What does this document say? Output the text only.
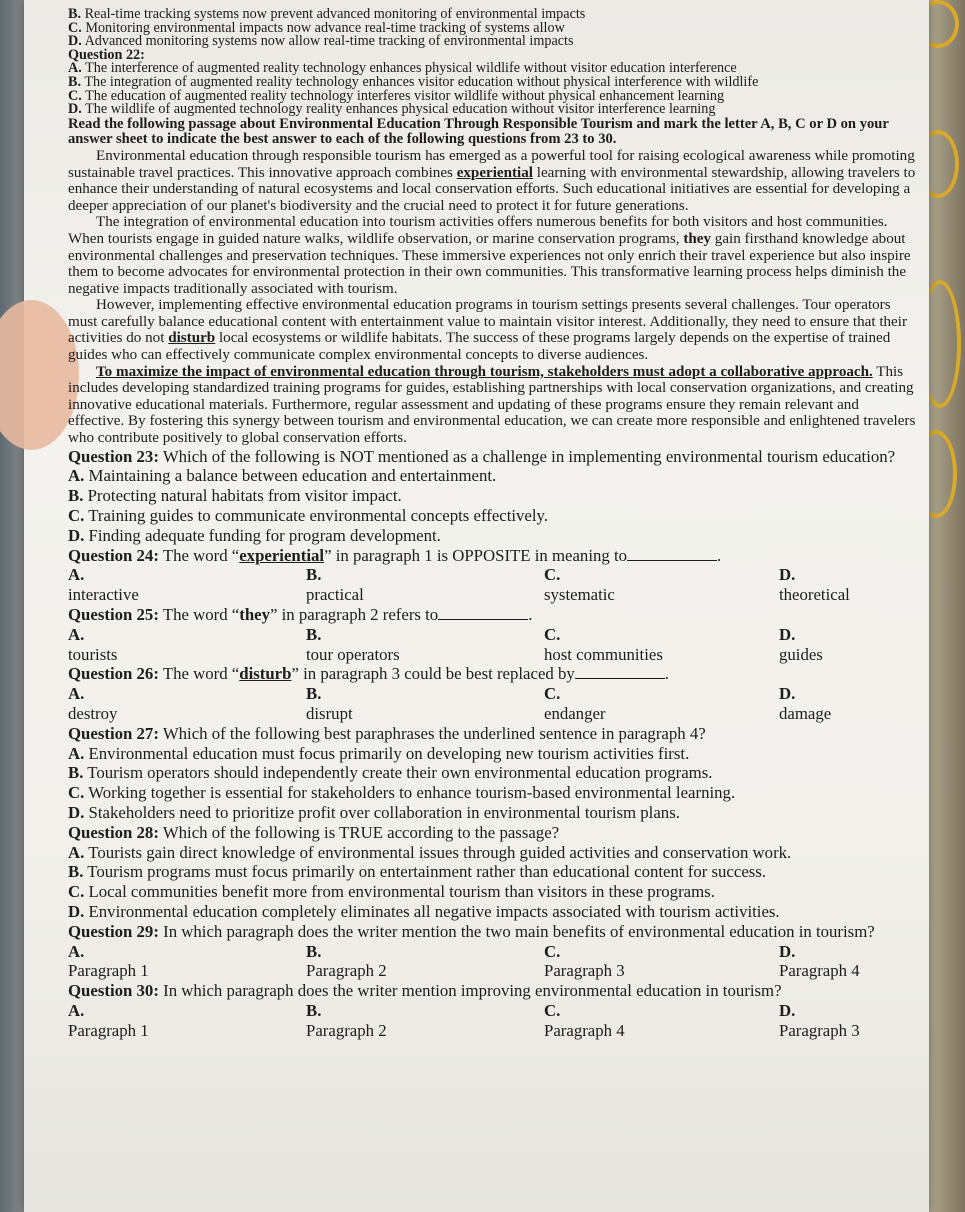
B. Real-time tracking systems now prevent advanced monitoring of environmental impacts

C. Monitoring environmental impacts now advance real-time tracking of systems allow

D. Advanced monitoring systems now allow real-time tracking of environmental impacts

Question 22:

A. The interference of augmented reality technology enhances physical wildlife without visitor education interference

B. The integration of augmented reality technology enhances visitor education without physical interference with wildlife

C. The education of augmented reality technology interferes visitor wildlife without physical enhancement learning

D. The wildlife of augmented technology reality enhances physical education without visitor interference learning

Read the following passage about Environmental Education Through Responsible Tourism and mark the letter A, B, C or D on your answer sheet to indicate the best answer to each of the following questions from 23 to 30.

Environmental education through responsible tourism has emerged as a powerful tool for raising ecological awareness while promoting sustainable travel practices. This innovative approach combines experiential learning with environmental stewardship, allowing travelers to enhance their understanding of natural ecosystems and local conservation efforts. Such educational initiatives are essential for developing a deeper appreciation of our planet's biodiversity and the crucial need to protect it for future generations.

The integration of environmental education into tourism activities offers numerous benefits for both visitors and host communities. When tourists engage in guided nature walks, wildlife observation, or marine conservation programs, they gain firsthand knowledge about environmental challenges and preservation techniques. These immersive experiences not only enrich their travel experience but also inspire them to become advocates for environmental protection in their own communities. This transformative learning process helps diminish the negative impacts traditionally associated with tourism.

However, implementing effective environmental education programs in tourism settings presents several challenges. Tour operators must carefully balance educational content with entertainment value to maintain visitor interest. Additionally, they need to ensure that their activities do not disturb local ecosystems or wildlife habitats. The success of these programs largely depends on the expertise of trained guides who can effectively communicate complex environmental concepts to diverse audiences.

To maximize the impact of environmental education through tourism, stakeholders must adopt a collaborative approach. This includes developing standardized training programs for guides, establishing partnerships with local conservation organizations, and creating innovative educational materials. Furthermore, regular assessment and updating of these programs ensure they remain relevant and effective. By fostering this synergy between tourism and environmental education, we can create more responsible and enlightened travelers who contribute positively to global conservation efforts.

Question 23: Which of the following is NOT mentioned as a challenge in implementing environmental tourism education?

A. Maintaining a balance between education and entertainment.

B. Protecting natural habitats from visitor impact.

C. Training guides to communicate environmental concepts effectively.

D. Finding adequate funding for program development.

Question 24: The word “experiential” in paragraph 1 is OPPOSITE in meaning to	.

A.
interactive
B.
practical
C.
systematic
D.
theoretical

Question 25: The word “they” in paragraph 2 refers to	.

A.
tourists
B.
tour operators
C.
host communities
D.
guides

Question 26: The word “disturb” in paragraph 3 could be best replaced by	.

A.
destroy
B.
disrupt
C.
endanger
D.
damage

Question 27: Which of the following best paraphrases the underlined sentence in paragraph 4?

A. Environmental education must focus primarily on developing new tourism activities first.

B. Tourism operators should independently create their own environmental education programs.

C. Working together is essential for stakeholders to enhance tourism-based environmental learning.

D. Stakeholders need to prioritize profit over collaboration in environmental tourism plans.

Question 28: Which of the following is TRUE according to the passage?

A. Tourists gain direct knowledge of environmental issues through guided activities and conservation work.

B. Tourism programs must focus primarily on entertainment rather than educational content for success.

C. Local communities benefit more from environmental tourism than visitors in these programs.

D. Environmental education completely eliminates all negative impacts associated with tourism activities.

Question 29: In which paragraph does the writer mention the two main benefits of environmental education in tourism?

A.
Paragraph 1
B.
Paragraph 2
C.
Paragraph 3
D.
Paragraph 4

Question 30: In which paragraph does the writer mention improving environmental education in tourism?

A.
Paragraph 1
B.
Paragraph 2
C.
Paragraph 4
D.
Paragraph 3
